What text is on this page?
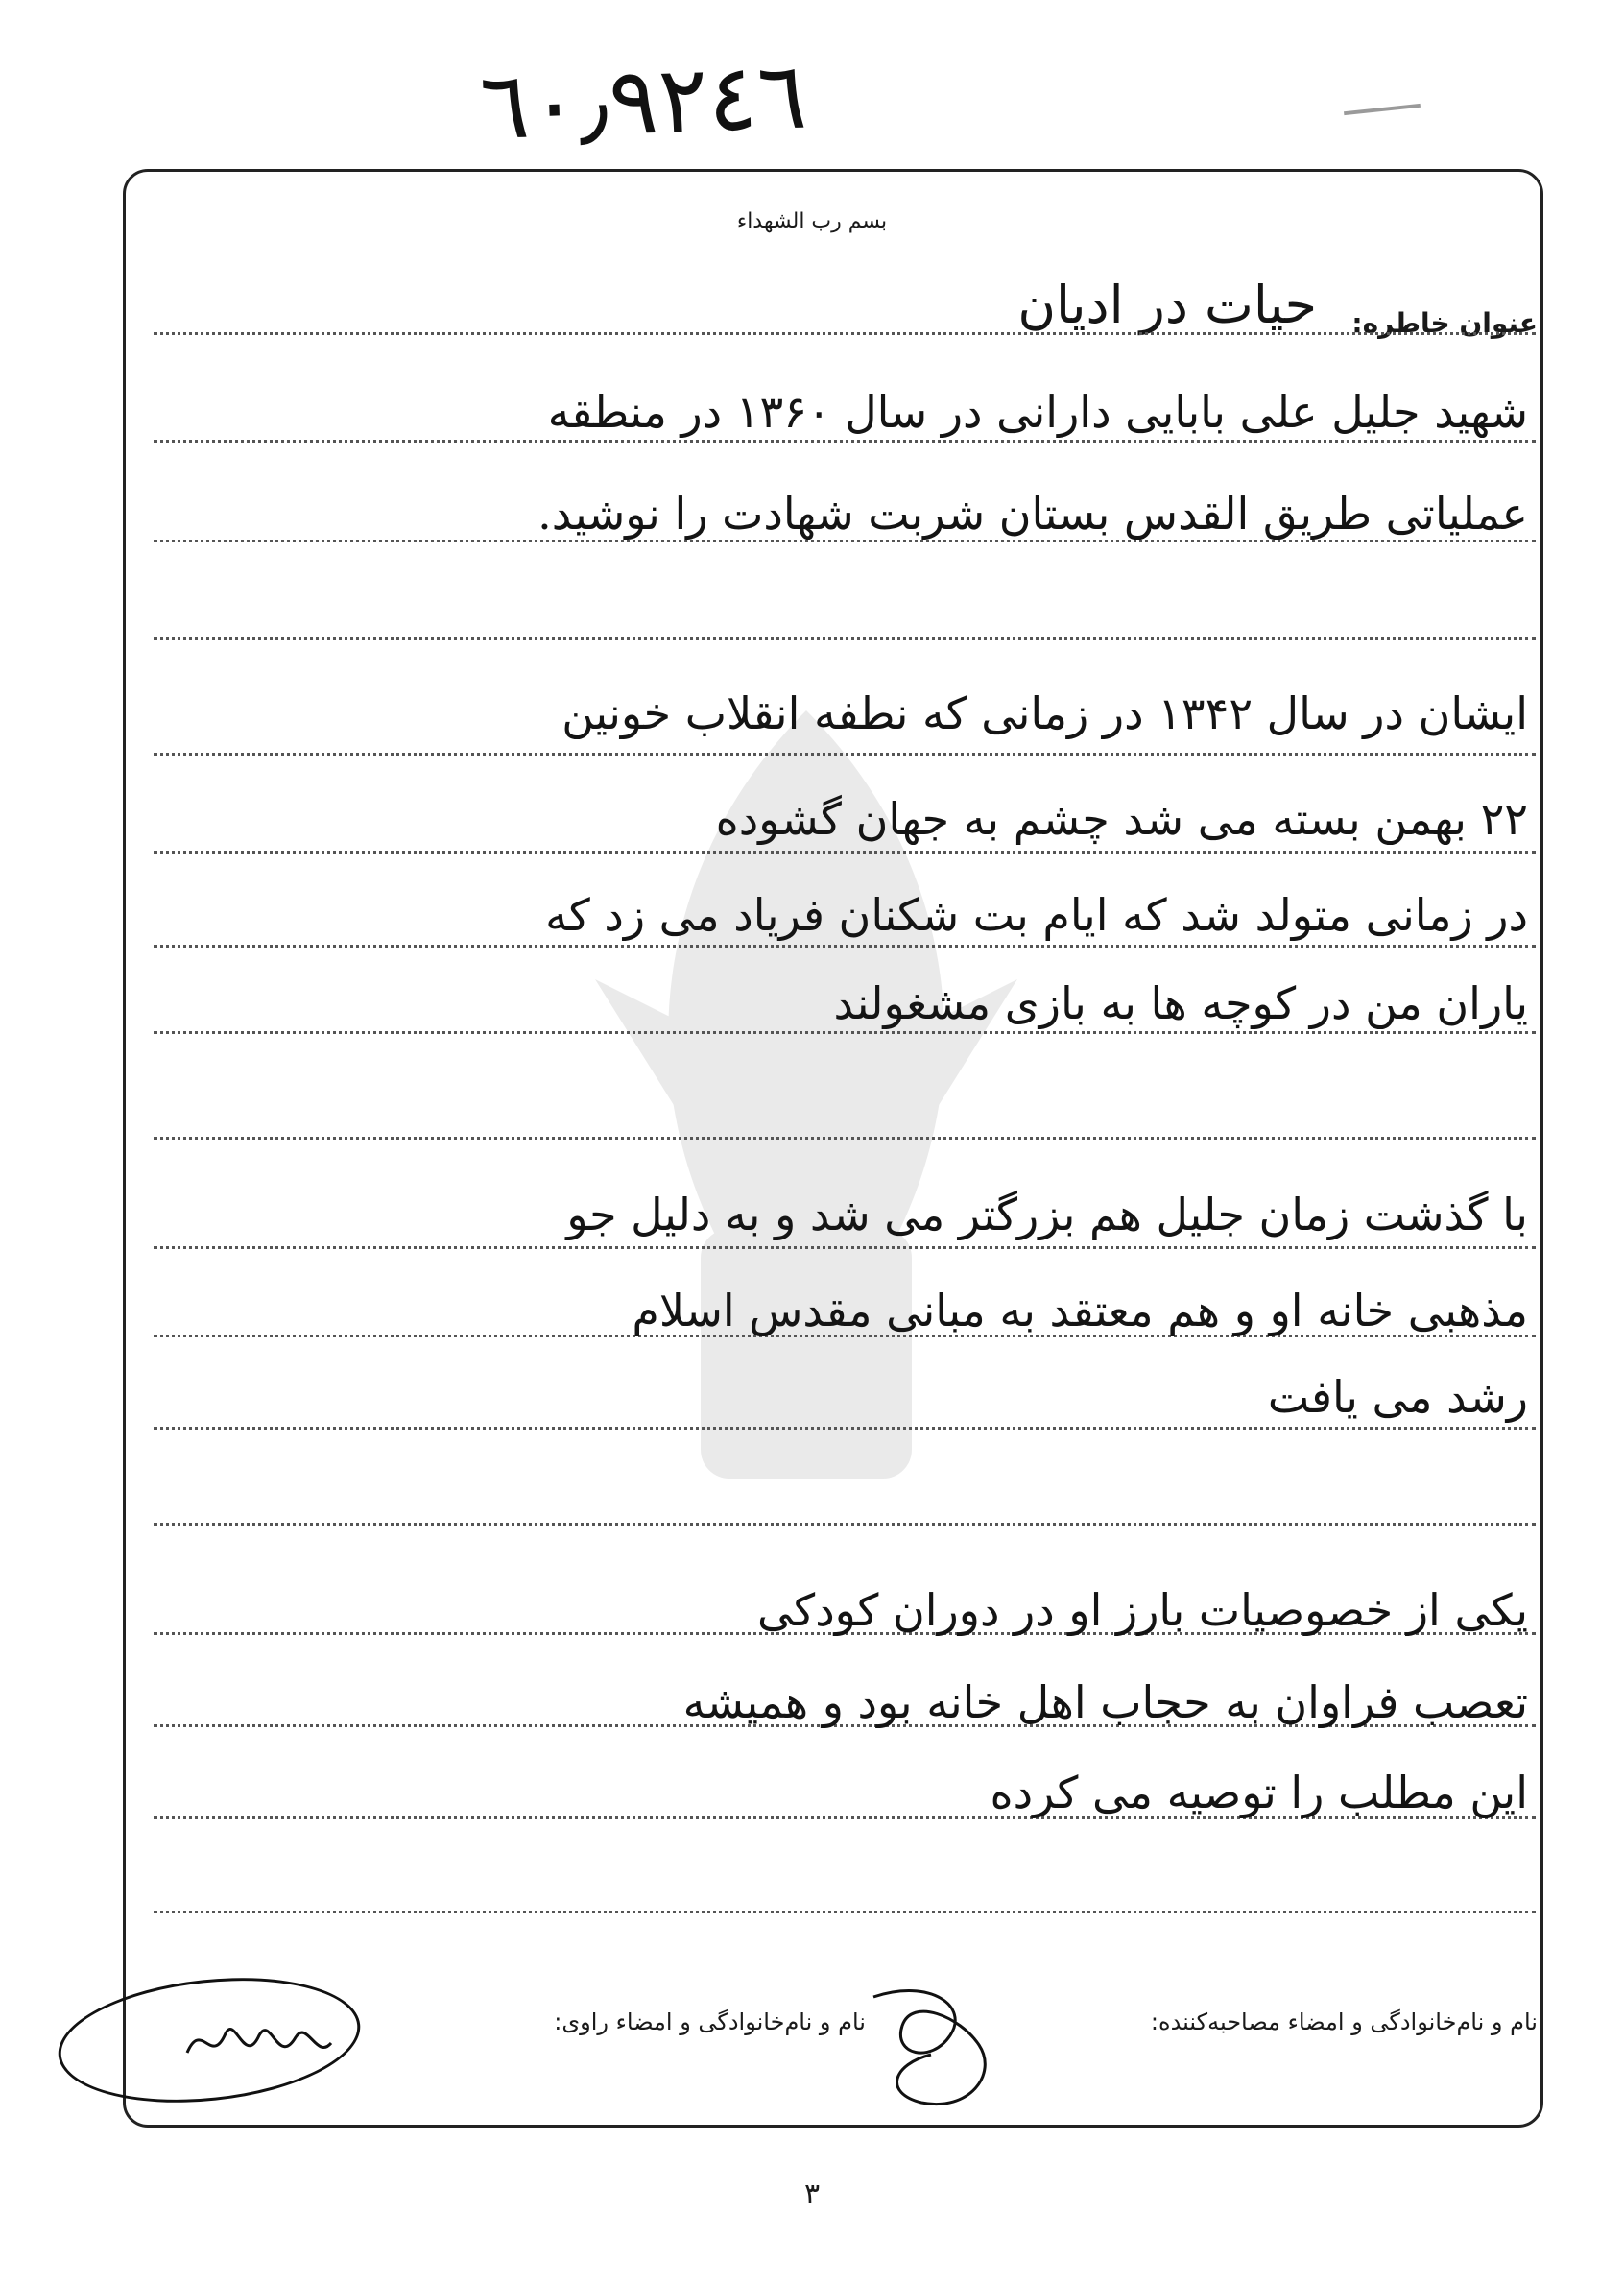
٦٠٫٩٢٤٦
بسم رب الشهداء
عنوان خاطره:
حیات در ادیان
شهید جلیل علی بابایی دارانی در سال ۱۳۶۰ در منطقه
عملیاتی طریق القدس بستان شربت شهادت را نوشید.
ایشان در سال ۱۳۴۲ در زمانی که نطفه انقلاب خونین
۲۲ بهمن بسته می شد چشم به جهان گشوده
در زمانی متولد شد که ایام بت شکنان فریاد می زد که
یاران من در کوچه ها به بازی مشغولند
با گذشت زمان جلیل هم بزرگتر می شد و به دلیل جو
مذهبی خانه او و هم معتقد به مبانی مقدس اسلام
رشد می یافت
یکی از خصوصیات بارز او در دوران کودکی
تعصب فراوان به حجاب اهل خانه بود و همیشه
این مطلب را توصیه می کرده
نام و نام‌خانوادگی و امضاء مصاحبه‌کننده:
نام و نام‌خانوادگی و امضاء راوی:
۳
